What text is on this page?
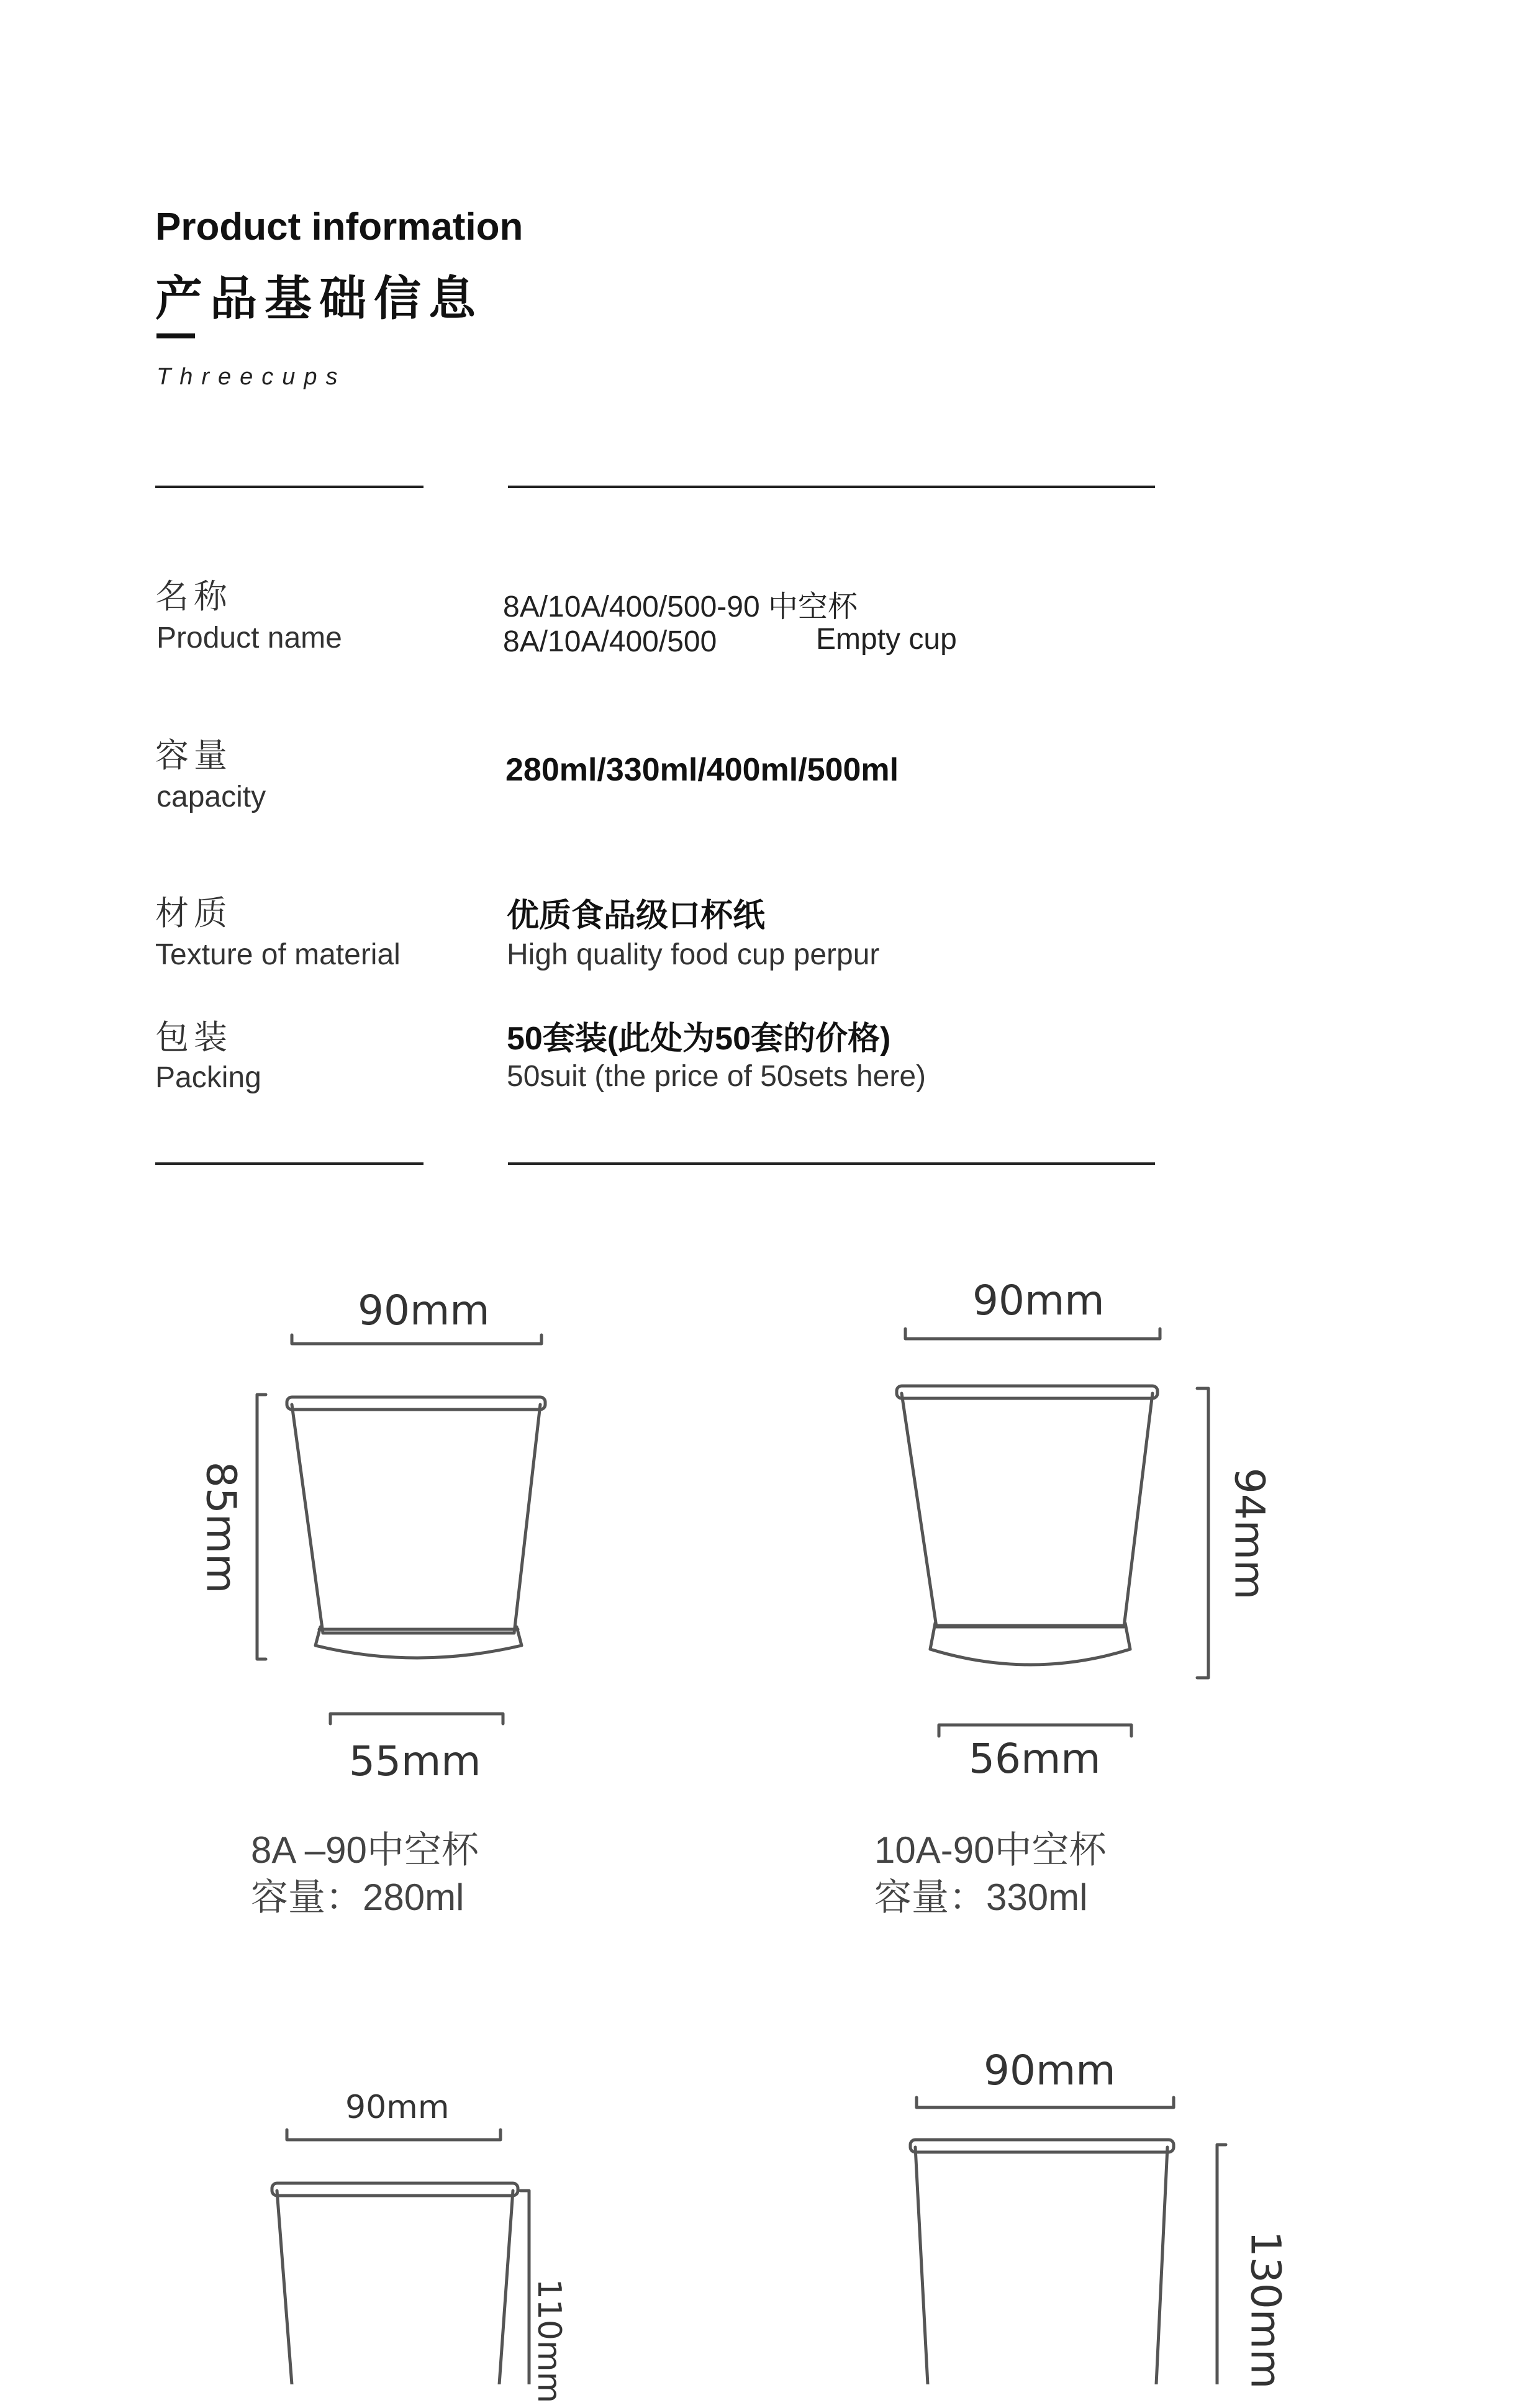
Product information
产品基础信息
Threecups
名称
Product name
8A/10A/400/500-90 中空杯
8A/10A/400/500	Empty cup
容量
capacity
280ml/330ml/400ml/500ml
材质
Texture of material
优质食品级口杯纸
High quality food cup perpur
包装
Packing
50套装(此处为50套的价格)
50suit (the price of 50sets here)
90mm
85mm
55mm
8A –90中空杯
容量：280ml
90mm
94mm
56mm
10A-90中空杯
容量：330ml
90mm
110mm
90mm
130mm
